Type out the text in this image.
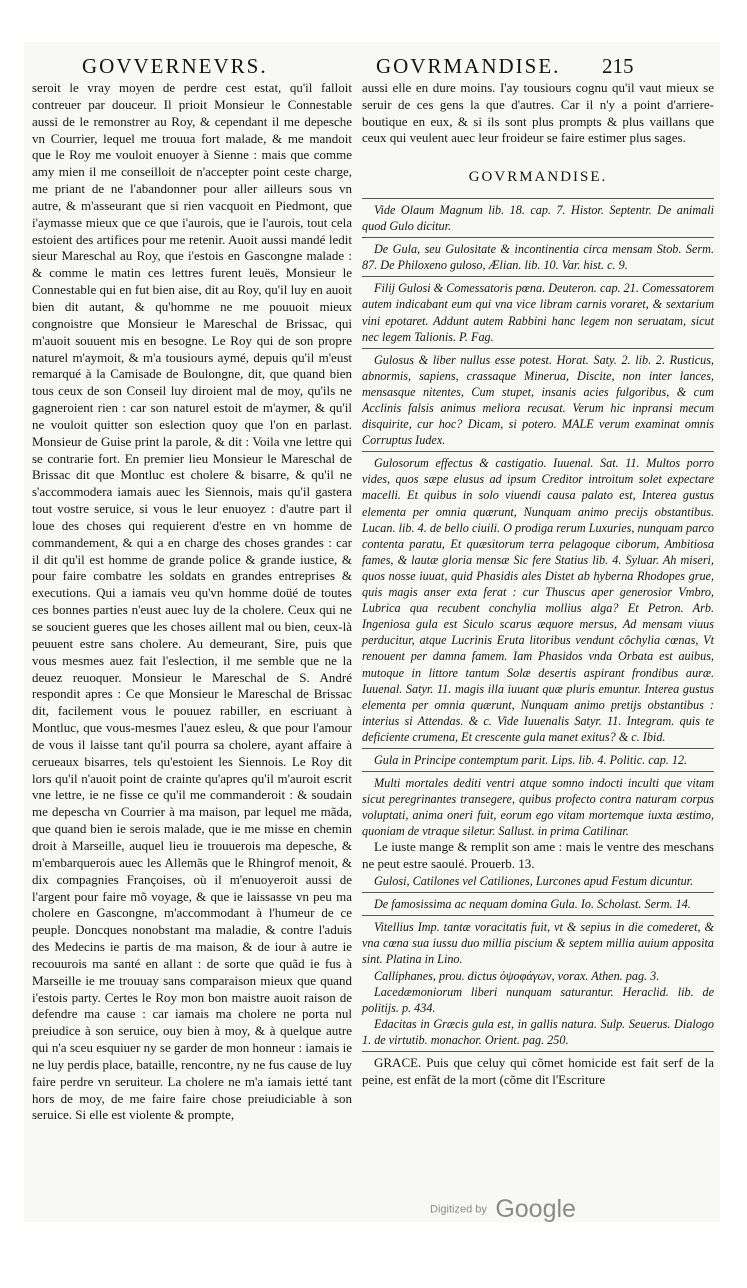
GOVVERNEVRS.	GOVRMANDISE. 215

seroit le vray moyen de perdre cest estat, qu'il falloit contreuer par douceur. Il prioit Monsieur le Connestable aussi de le remonstrer au Roy, & cependant il me depesche vn Courrier, lequel me trouua fort malade, & me mandoit que le Roy me vouloit enuoyer à Sienne : mais que comme amy mien il me conseilloit de n'accepter point ceste charge, me priant de ne l'abandonner pour aller ailleurs sous vn autre, & m'asseurant que si rien vacquoit en Piedmont, que i'aymasse mieux que ce que i'aurois, que ie l'aurois, tout cela estoient des artifices pour me retenir. Auoit aussi mandé ledit sieur Mareschal au Roy, que i'estois en Gascongne malade : & comme le matin ces lettres furent leuës, Monsieur le Connestable qui en fut bien aise, dit au Roy, qu'il luy en auoit bien dit autant, & qu'homme ne me pouuoit mieux congnoistre que Monsieur le Mareschal de Brissac, qui m'auoit souuent mis en besogne. Le Roy qui de son propre naturel m'aymoit, & m'a tousiours aymé, depuis qu'il m'eust remarqué à la Camisade de Boulongne, dit, que quand bien tous ceux de son Conseil luy diroient mal de moy, qu'ils ne gagneroient rien : car son naturel estoit de m'aymer, & qu'il ne vouloit quitter son eslection quoy que l'on en parlast. Monsieur de Guise print la parole, & dit : Voila vne lettre qui se contrarie fort. En premier lieu Monsieur le Mareschal de Brissac dit que Montluc est cholere & bisarre, & qu'il ne s'accommodera iamais auec les Siennois, mais qu'il gastera tout vostre seruice, si vous le leur enuoyez : d'autre part il loue des choses qui requierent d'estre en vn homme de commandement, & qui a en charge des choses grandes : car il dit qu'il est homme de grande police & grande iustice, & pour faire combatre les soldats en grandes entreprises & executions. Qui a iamais veu qu'vn homme doüé de toutes ces bonnes parties n'eust auec luy de la cholere. Ceux qui ne se soucient gueres que les choses aillent mal ou bien, ceux-là peuuent estre sans cholere. Au demeurant, Sire, puis que vous mesmes auez fait l'eslection, il me semble que ne la deuez reuoquer. Monsieur le Mareschal de S. André respondit apres : Ce que Monsieur le Mareschal de Brissac dit, facilement vous le pouuez rabiller, en escriuant à Montluc, que vous-mesmes l'auez esleu, & que pour l'amour de vous il laisse tant qu'il pourra sa cholere, ayant affaire à cerueaux bisarres, tels qu'estoient les Siennois. Le Roy dit lors qu'il n'auoit point de crainte qu'apres qu'il m'auroit escrit vne lettre, ie ne fisse ce qu'il me commanderoit : & soudain me depescha vn Courrier à ma maison, par lequel me mãda, que quand bien ie serois malade, que ie me misse en chemin droit à Marseille, auquel lieu ie trouuerois ma depesche, & m'embarquerois auec les Allemãs que le Rhingrof menoit, & dix compagnies Françoises, où il m'enuoyeroit aussi de l'argent pour faire mõ voyage, & que ie laissasse vn peu ma cholere en Gascongne, m'accommodant à l'humeur de ce peuple. Doncques nonobstant ma maladie, & contre l'aduis des Medecins ie partis de ma maison, & de iour à autre ie recouurois ma santé en allant : de sorte que quãd ie fus à Marseille ie me trouuay sans comparaison mieux que quand i'estois party. Certes le Roy mon bon maistre auoit raison de defendre ma cause : car iamais ma cholere ne porta nul preiudice à son seruice, ouy bien à moy, & à quelque autre qui n'a sceu esquiuer ny se garder de mon honneur : iamais ie ne luy perdis place, bataille, rencontre, ny ne fus cause de luy faire perdre vn seruiteur. La cholere ne m'a iamais ietté tant hors de moy, de me faire faire chose preiudiciable à son seruice. Si elle est violente & prompte,

aussi elle en dure moins. I'ay tousiours cognu qu'il vaut mieux se seruir de ces gens la que d'autres. Car il n'y a point d'arriere-boutique en eux, & si ils sont plus prompts & plus vaillans que ceux qui veulent auec leur froideur se faire estimer plus sages.

GOVRMANDISE.

Vide Olaum Magnum lib. 18. cap. 7. Histor. Septentr. De animali quod Gulo dicitur.

De Gula, seu Gulositate & incontinentia circa mensam Stob. Serm. 87. De Philoxeno guloso, Ælian. lib. 10. Var. hist. c. 9.

Filij Gulosi & Comessatoris pœna. Deuteron. cap. 21. Comessatorem autem indicabant eum qui vna vice libram carnis voraret, & sextarium vini epotaret. Addunt autem Rabbini hanc legem non seruatam, sicut nec legem Talionis. P. Fag.

Gulosus & liber nullus esse potest. Horat. Saty. 2. lib. 2. Rusticus, abnormis, sapiens, crassaque Minerua, Discite, non inter lances, mensasque nitentes, Cum stupet, insanis acies fulgoribus, & cum Acclinis falsis animus meliora recusat. Verum hic inpransi mecum disquirite, cur hoc? Dicam, si potero. MALE verum examinat omnis Corruptus Iudex.

Gulosorum effectus & castigatio. Iuuenal. Sat. 11. Multos porro vides, quos sæpe elusus ad ipsum Creditor introitum solet expectare macelli. Et quibus in solo viuendi causa palato est, Interea gustus elementa per omnia quærunt, Nunquam animo precijs obstantibus. Lucan. lib. 4. de bello ciuili. O prodiga rerum Luxuries, nunquam parco contenta paratu, Et quæsitorum terra pelagoque ciborum, Ambitiosa fames, & lautæ gloria mensæ Sic fere Statius lib. 4. Syluar. Ah miseri, quos nosse iuuat, quid Phasidis ales Distet ab hyberna Rhodopes grue, quis magis anser exta ferat : cur Thuscus aper generosior Vmbro, Lubrica qua recubent conchylia mollius alga? Et Petron. Arb. Ingeniosa gula est Siculo scarus æquore mersus, Ad mensam viuus perducitur, atque Lucrinis Eruta litoribus vendunt côchylia cœnas, Vt renouent per damna famem. Iam Phasidos vnda Orbata est auibus, mutoque in littore tantum Solæ desertis aspirant frondibus auræ. Iuuenal. Satyr. 11. magis illa iuuant quæ pluris emuntur. Interea gustus elementa per omnia quærunt, Nunquam animo pretijs obstantibus : interius si Attendas. & c. Vide Iuuenalis Satyr. 11. Integram. quis te deficiente crumena, Et crescente gula manet exitus? & c. Ibid.

Gula in Principe contemptum parit. Lips. lib. 4. Politic. cap. 12.

Multi mortales dediti ventri atque somno indocti inculti que vitam sicut peregrinantes transegere, quibus profecto contra naturam corpus voluptati, anima oneri fuit, eorum ego vitam mortemque iuxta æstimo, quoniam de vtraque siletur. Sallust. in prima Catilinar.

Le iuste mange & remplit son ame : mais le ventre des meschans ne peut estre saoulé. Prouerb. 13.

Gulosi, Catilones vel Catiliones, Lurcones apud Festum dicuntur.

De famosissima ac nequam domina Gula. Io. Scholast. Serm. 14.

Vitellius Imp. tantæ voracitatis fuit, vt & sepius in die comederet, & vna cœna sua iussu duo millia piscium & septem millia auium apposita sint. Platina in Lino.

Calliphanes, prou. dictus ὀψοφάγων, vorax. Athen. pag. 3.

Lacedæmoniorum liberi nunquam saturantur. Heraclid. lib. de politijs. p. 434.

Edacitas in Græcis gula est, in gallis natura. Sulp. Seuerus. Dialogo 1. de virtutib. monachor. Orient. pag. 250.

GRACE. Puis que celuy qui cõmet homicide est fait serf de la peine, est enfãt de la mort (cõme dit l'Escriture

Digitized by Google
